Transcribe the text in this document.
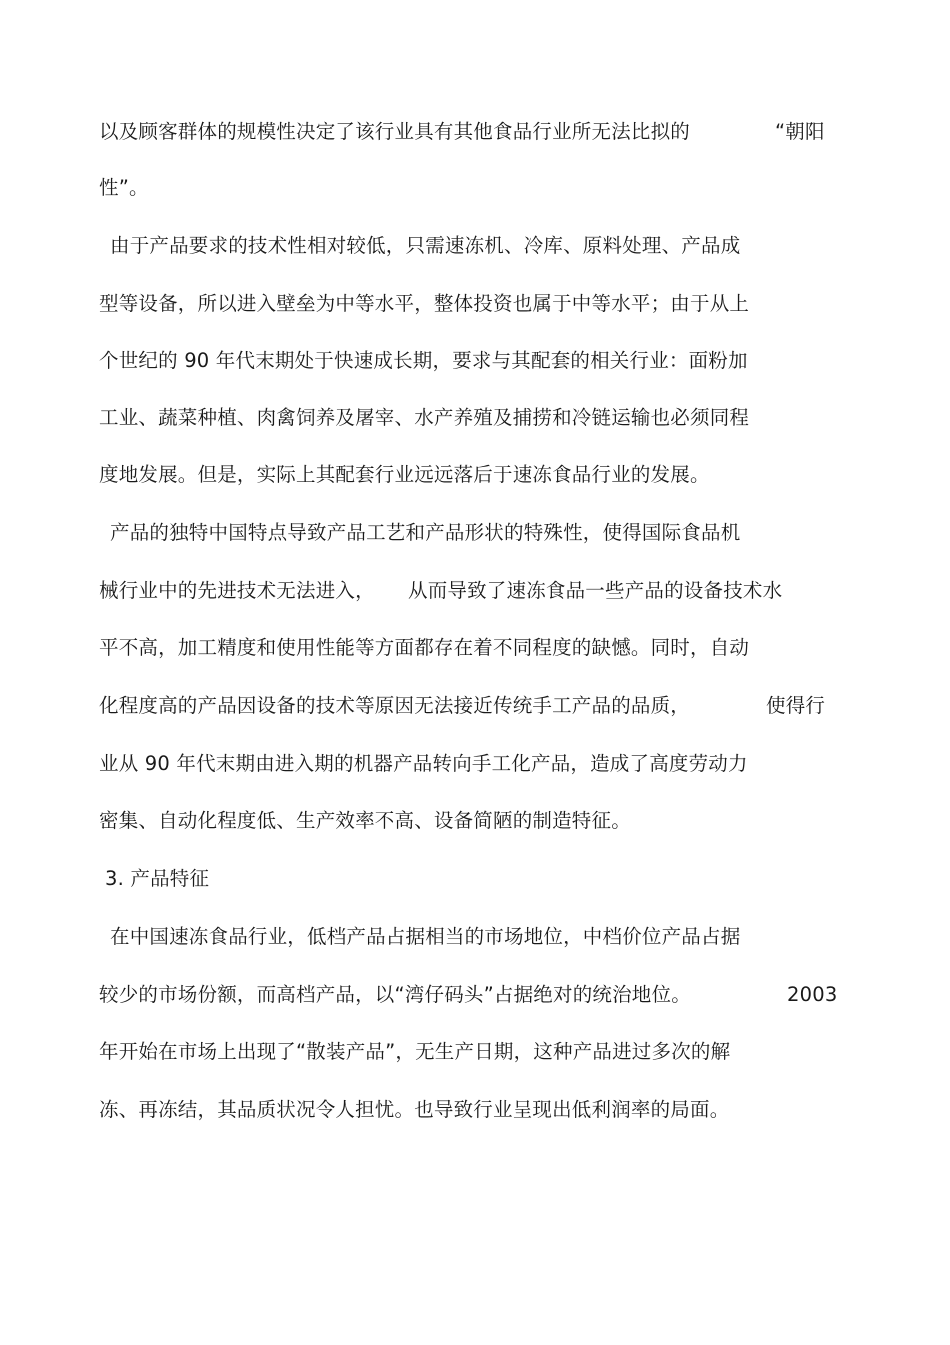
以及顾客群体的规模性决定了该行业具有其他食品行业所无法比拟的

	“朝阳

性”。

由于产品要求的技术性相对较低，只需速冻机、冷库、原料处理、产品成

型等设备，所以进入壁垒为中等水平，整体投资也属于中等水平；由于从上

个世纪的 90 年代末期处于快速成长期，要求与其配套的相关行业：面粉加

工业、蔬菜种植、肉禽饲养及屠宰、水产养殖及捕捞和冷链运输也必须同程

度地发展。但是，实际上其配套行业远远落后于速冻食品行业的发展。

产品的独特中国特点导致产品工艺和产品形状的特殊性，使得国际食品机

械行业中的先进技术无法进入，

从而导致了速冻食品一些产品的设备技术水

平不高，加工精度和使用性能等方面都存在着不同程度的缺憾。同时，自动

化程度高的产品因设备的技术等原因无法接近传统手工产品的品质，

	使得行

业从 90 年代末期由进入期的机器产品转向手工化产品，造成了高度劳动力

密集、自动化程度低、生产效率不高、设备简陋的制造特征。

3. 产品特征

在中国速冻食品行业，低档产品占据相当的市场地位，中档价位产品占据

较少的市场份额，而高档产品，以“湾仔码头”占据绝对的统治地位。

	2003

年开始在市场上出现了“散装产品”，无生产日期，这种产品进过多次的解

冻、再冻结，其品质状况令人担忧。也导致行业呈现出低利润率的局面。
